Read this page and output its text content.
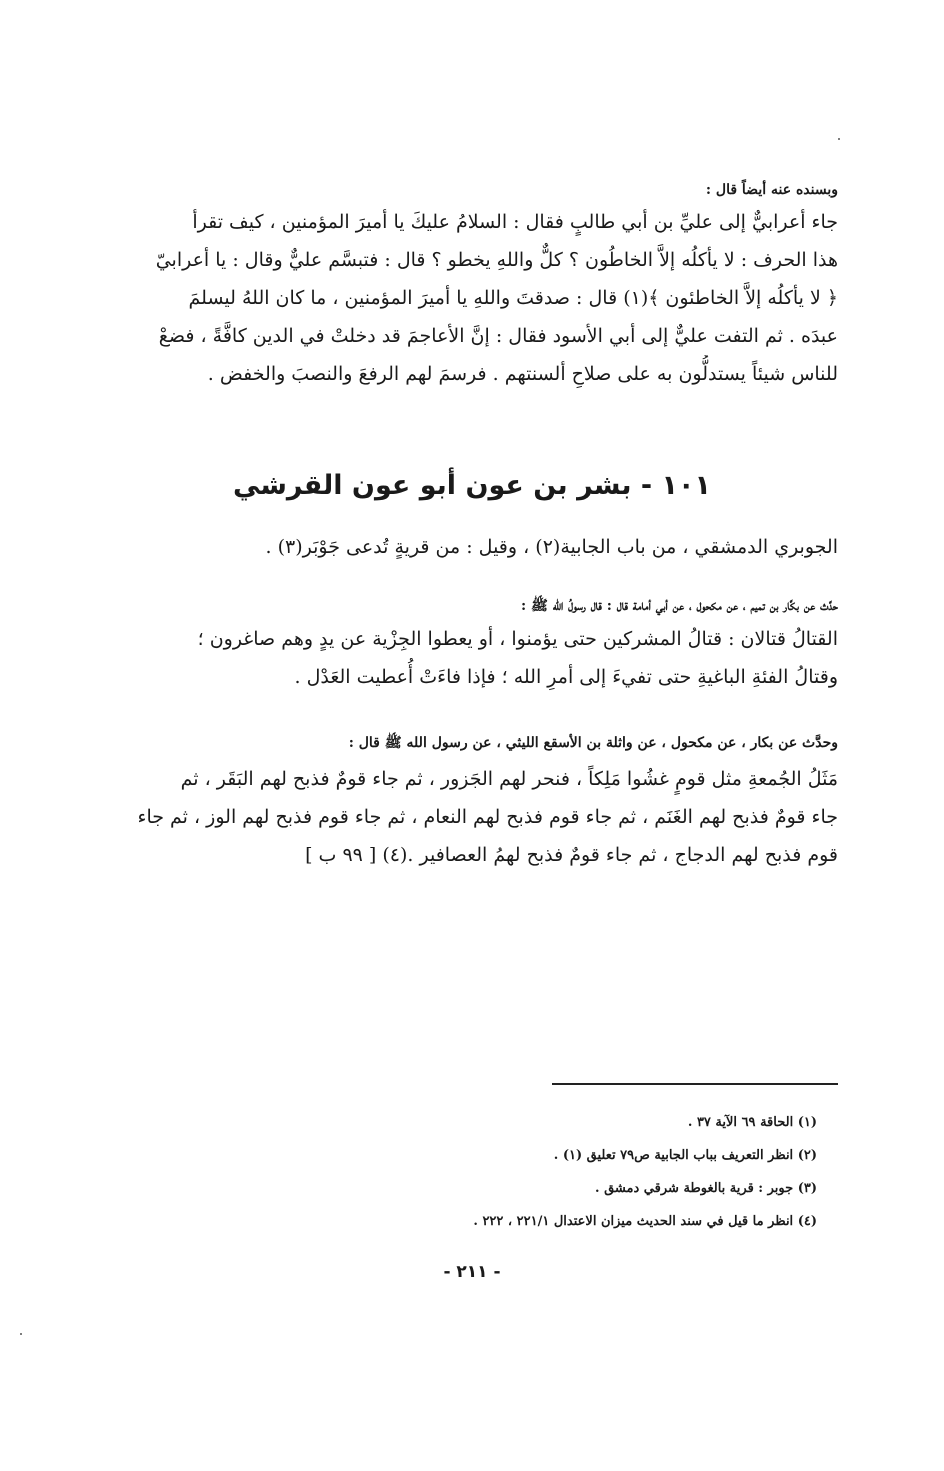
وبسنده عنه أيضاً قال :
جاء أعرابيٌّ إلى عليِّ بن أبي طالبٍ فقال : السلامُ عليكَ يا أميرَ المؤمنين ، كيف تقرأ
هذا الحرف : لا يأكلُه إلاَّ الخاطُون ؟ كلٌّ واللهِ يخطو ؟ قال : فتبسَّم عليٌّ وقال : يا أعرابيّ
﴿ لا يأكلُه إلاَّ الخاطئون ﴾(١) قال : صدقتَ واللهِ يا أميرَ المؤمنين ، ما كان اللهُ ليسلمَ
عبدَه . ثم التفت عليٌّ إلى أبي الأسود فقال : إنَّ الأعاجمَ قد دخلتْ في الدين كافَّةً ، فضعْ
للناس شيئاً يستدلُّون به على صلاحِ ألسنتهم . فرسمَ لهم الرفعَ والنصبَ والخفض .
١٠١ - بشر بن عون أبو عون القرشي
الجوبري الدمشقي ، من باب الجابية(٢) ، وقيل : من قريةٍ تُدعى جَوْبَر(٣) .
حدَّث عن بكَّار بن تميم ، عن مكحول ، عن أبي أمامة قال : قال رسولُ الله ﷺ :
القتالُ قتالان : قتالُ المشركين حتى يؤمنوا ، أو يعطوا الجِزْية عن يدٍ وهم صاغرون ؛
وقتالُ الفئةِ الباغيةِ حتى تفيءَ إلى أمرِ الله ؛ فإذا فاءَتْ أُعطيت العَدْل .
وحدَّث عن بكار ، عن مكحول ، عن واثلة بن الأسقع الليثي ، عن رسول الله ﷺ قال :
مَثَلُ الجُمعةِ مثل قومٍ غشُوا مَلِكاً ، فنحر لهم الجَزور ، ثم جاء قومٌ فذبح لهم البَقَر ، ثم
جاء قومٌ فذبح لهم الغَنَم ، ثم جاء قوم فذبح لهم النعام ، ثم جاء قوم فذبح لهم الوز ، ثم جاء
قوم فذبح لهم الدجاج ، ثم جاء قومٌ فذبح لهمُ العصافير .(٤) [ ٩٩ ب ]
(١) الحاقة ٦٩ الآية ٣٧ .
(٢) انظر التعريف بباب الجابية ص٧٩ تعليق (١) .
(٣) جوبر : قرية بالغوطة شرقي دمشق .
(٤) انظر ما قيل في سند الحديث ميزان الاعتدال ٢٢١/١ ، ٢٢٢ .
- ٢١١ -
